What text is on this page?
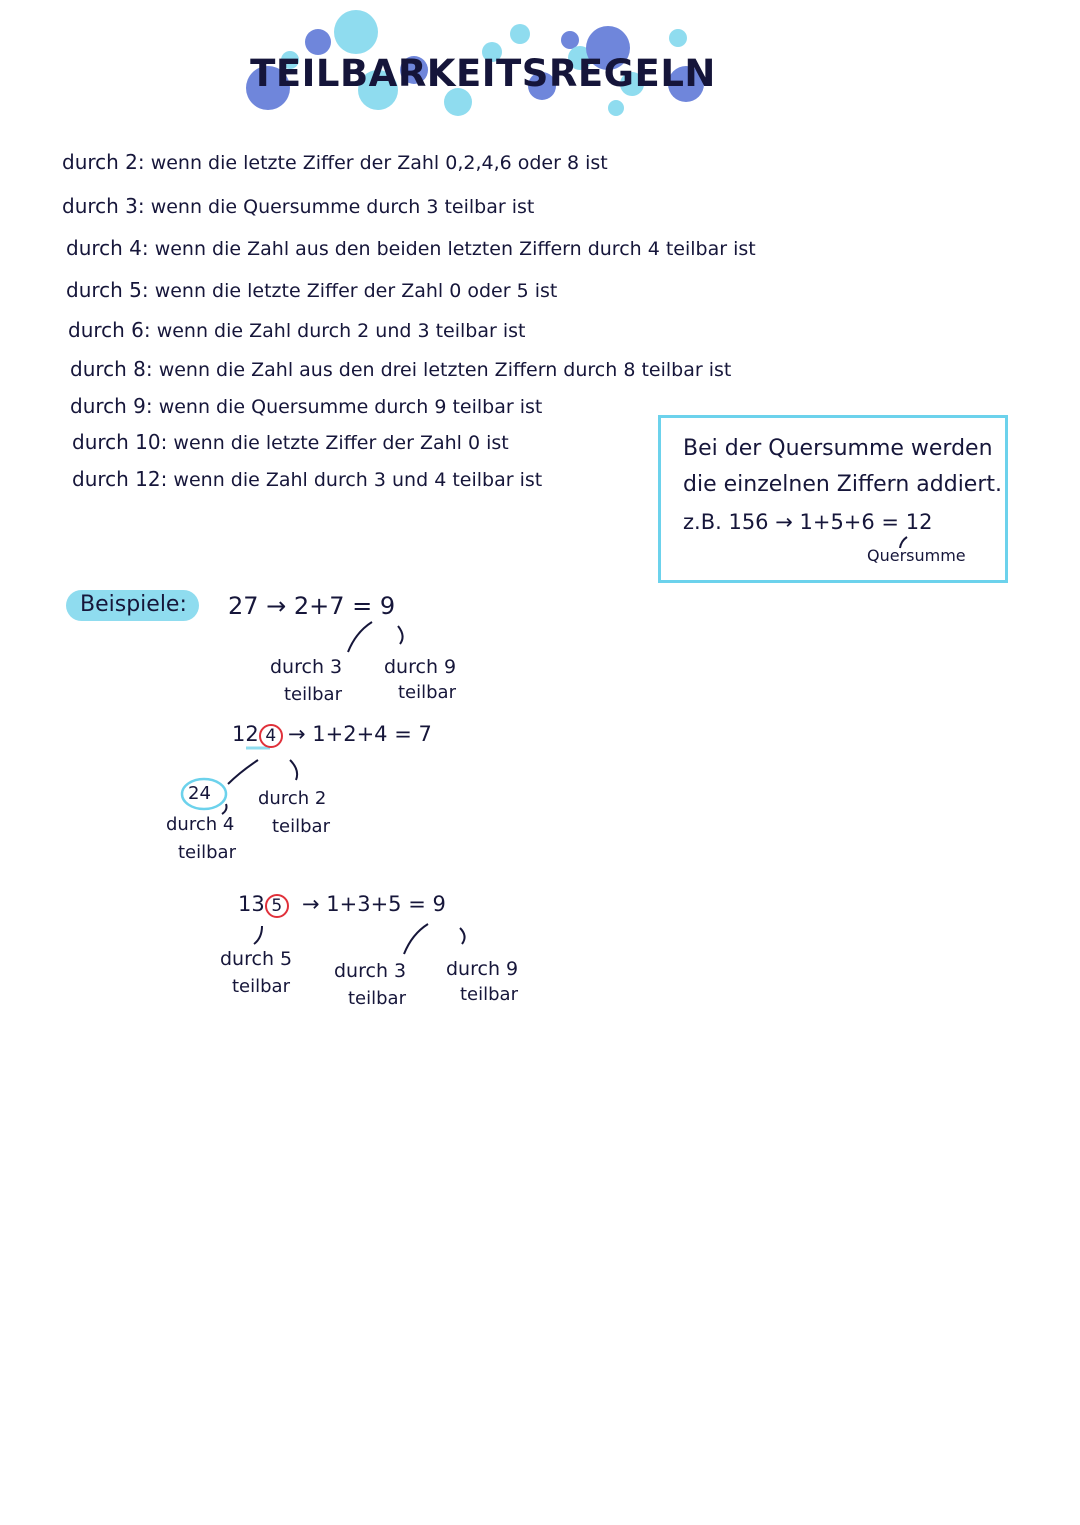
TEILBARKEITSREGELN
durch 2: wenn die letzte Ziffer der Zahl 0,2,4,6 oder 8 ist
durch 3: wenn die Quersumme durch 3 teilbar ist
durch 4: wenn die Zahl aus den beiden letzten Ziffern durch 4 teilbar ist
durch 5: wenn die letzte Ziffer der Zahl 0 oder 5 ist
durch 6: wenn die Zahl durch 2 und 3 teilbar ist
durch 8: wenn die Zahl aus den drei letzten Ziffern durch 8 teilbar ist
durch 9: wenn die Quersumme durch 9 teilbar ist
durch 10: wenn die letzte Ziffer der Zahl 0 ist
durch 12: wenn die Zahl durch 3 und 4 teilbar ist
Bei der Quersumme werden
die einzelnen Ziffern addiert.
z.B. 156 → 1+5+6 = 12
Quersumme
Beispiele:	27 → 2+7 = 9
durch 3
teilbar
durch 9
teilbar
12 4 → 1+2+4 = 7
24
durch 4
teilbar
durch 2
teilbar
13 5 → 1+3+5 = 9
durch 5
teilbar
durch 3
teilbar
durch 9
teilbar
